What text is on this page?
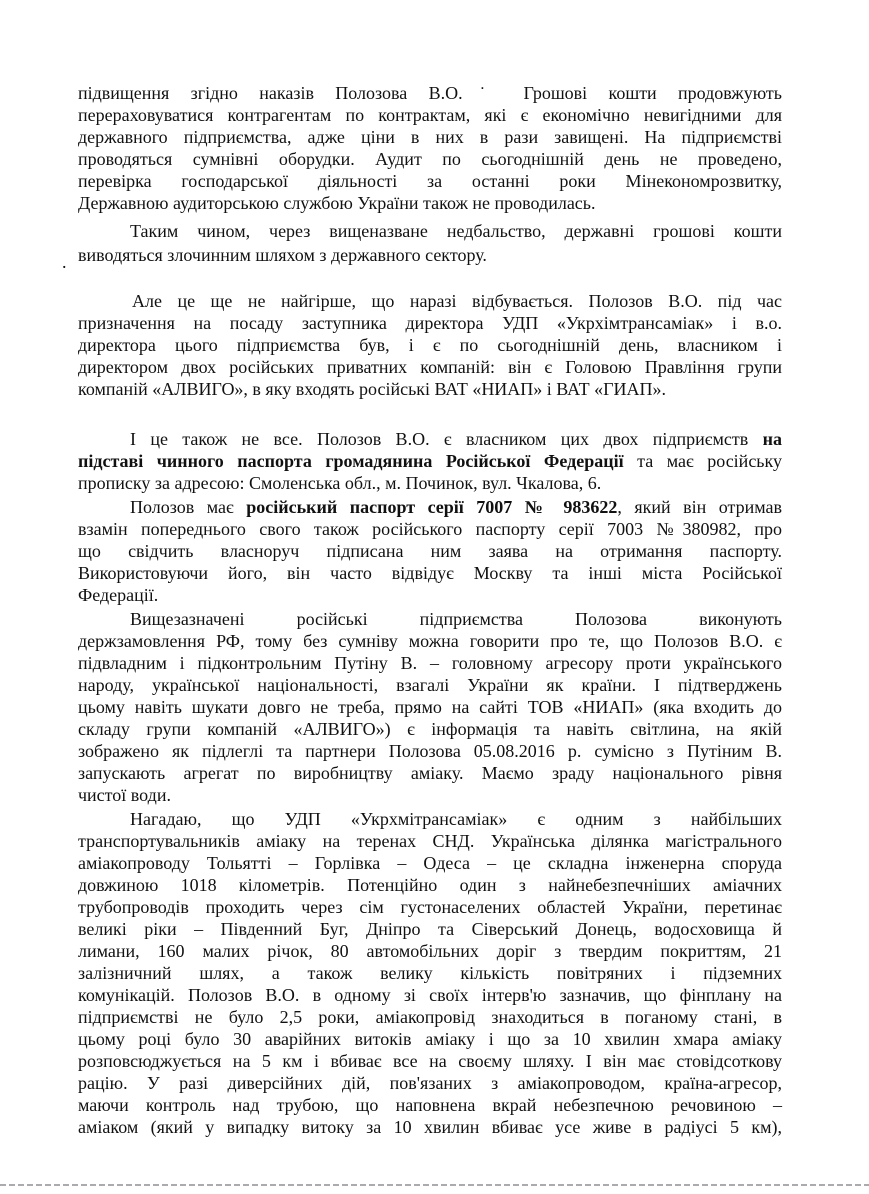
.
підвищення згідно наказів Полозова В.О.˙ Грошові кошти продовжують
перераховуватися контрагентам по контрактам, які є економічно невигідними для
державного підприємства, адже ціни в них в рази завищені. На підприємстві
проводяться сумнівні оборудки. Аудит по сьогоднішній день не проведено,
перевірка господарської діяльності за останні роки Мінекономрозвитку,
Державною аудиторською службою України також не проводилась.
Таким чином, через вищеназване недбальство, державні грошові кошти
виводяться злочинним шляхом з державного сектору.
Але це ще не найгірше, що наразі відбувається. Полозов В.О. під час
призначення на посаду заступника директора УДП «Укрхімтрансаміак» і в.о.
директора цього підприємства був, і є по сьогоднішній день, власником і
директором двох російських приватних компаній: він є Головою Правління групи
компаній «АЛВИГО», в яку входять російські ВАТ «НИАП» і ВАТ «ГИАП».
І це також не все. Полозов В.О. є власником цих двох підприємств на
підставі чинного паспорта громадянина Російської Федерації та має російську
прописку за адресою: Смоленська обл., м. Починок, вул. Чкалова, 6.
Полозов має російський паспорт серії 7007 № 983622, який він отримав
взамін попереднього свого також російського паспорту серії 7003 №380982, про
що свідчить власноруч підписана ним заява на отримання паспорту.
Використовуючи його, він часто відвідує Москву та інші міста Російської
Федерації.
Вищезазначені російські підприємства Полозова виконують
держзамовлення РФ, тому без сумніву можна говорити про те, що Полозов В.О. є
підвладним і підконтрольним Путіну В. – головному агресору проти українського
народу, української національності, взагалі України як країни. І підтверджень
цьому навіть шукати довго не треба, прямо на сайті ТОВ «НИАП» (яка входить до
складу групи компаній «АЛВИГО») є інформація та навіть світлина, на якій
зображено як підлеглі та партнери Полозова 05.08.2016 р. сумісно з Путіним В.
запускають агрегат по виробництву аміаку. Маємо зраду національного рівня
чистої води.
Нагадаю, що УДП «Укрхмітрансаміак» є одним з найбільших
транспортувальників аміаку на теренах СНД. Українська ділянка магістрального
аміакопроводу Тольятті – Горлівка – Одеса – це складна інженерна споруда
довжиною 1018 кілометрів. Потенційно один з найнебезпечніших аміачних
трубопроводів проходить через сім густонаселених областей України, перетинає
великі ріки – Південний Буг, Дніпро та Сіверський Донець, водосховища й
лимани, 160 малих річок, 80 автомобільних доріг з твердим покриттям, 21
залізничний шлях, а також велику кількість повітряних і підземних
комунікацій. Полозов В.О. в одному зі своїх інтерв'ю зазначив, що фінплану на
підприємстві не було 2,5 роки, аміакопровід знаходиться в поганому стані, в
цьому році було 30 аварійних витоків аміаку і що за 10 хвилин хмара аміаку
розповсюджується на 5 км і вбиває все на своєму шляху. І він має стовідсоткову
рацію. У разі диверсійних дій, пов'язаних з аміакопроводом, країна-агресор,
маючи контроль над трубою, що наповнена вкрай небезпечною речовиною –
аміаком (який у випадку витоку за 10 хвилин вбиває усе живе в радіусі 5 км),
